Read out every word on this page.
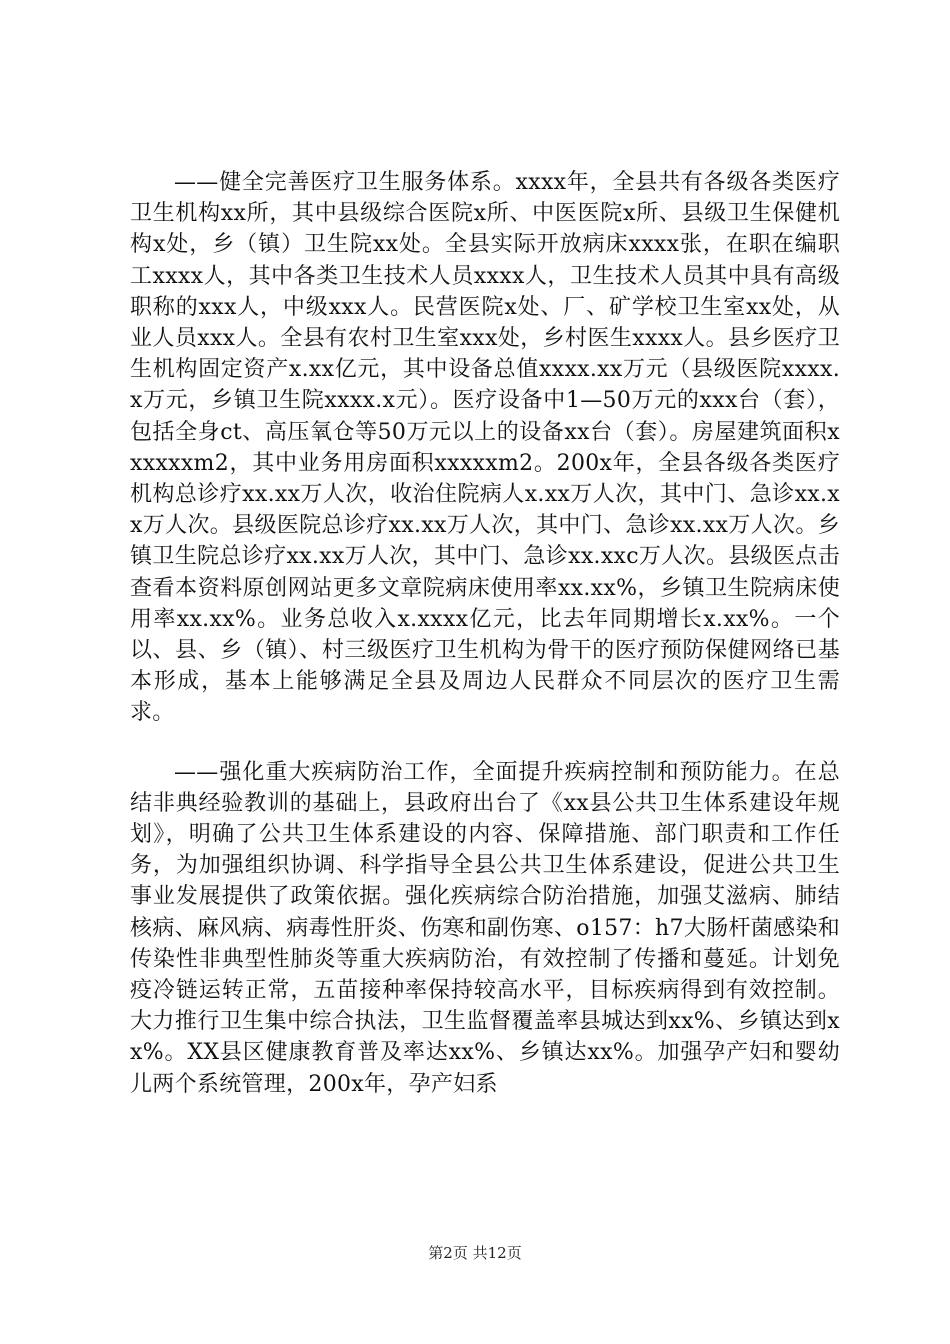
——健全完善医疗卫生服务体系。xxxx年，全县共有各级各类医疗卫生机构xx所，其中县级综合医院x所、中医医院x所、县级卫生保健机构x处，乡（镇）卫生院xx处。全县实际开放病床xxxx张，在职在编职工xxxx人，其中各类卫生技术人员xxxx人，卫生技术人员其中具有高级职称的xxx人，中级xxx人。民营医院x处、厂、矿学校卫生室xx处，从业人员xxx人。全县有农村卫生室xxx处，乡村医生xxxx人。县乡医疗卫生机构固定资产x.xx亿元，其中设备总值xxxx.xx万元（县级医院xxxx.x万元，乡镇卫生院xxxx.x元）。医疗设备中1—50万元的xxx台（套），包括全身ct、高压氧仓等50万元以上的设备xx台（套）。房屋建筑面积xxxxxxm2，其中业务用房面积xxxxxm2。200x年，全县各级各类医疗机构总诊疗xx.xx万人次，收治住院病人x.xx万人次，其中门、急诊xx.xx万人次。县级医院总诊疗xx.xx万人次，其中门、急诊xx.xx万人次。乡镇卫生院总诊疗xx.xx万人次，其中门、急诊xx.xxc万人次。县级医点击查看本资料原创网站更多文章院病床使用率xx.xx%，乡镇卫生院病床使用率xx.xx%。业务总收入x.xxxx亿元，比去年同期增长x.xx%。一个以、县、乡（镇）、村三级医疗卫生机构为骨干的医疗预防保健网络已基本形成，基本上能够满足全县及周边人民群众不同层次的医疗卫生需求。

——强化重大疾病防治工作，全面提升疾病控制和预防能力。在总结非典经验教训的基础上，县政府出台了《xx县公共卫生体系建设年规划》，明确了公共卫生体系建设的内容、保障措施、部门职责和工作任务，为加强组织协调、科学指导全县公共卫生体系建设，促进公共卫生事业发展提供了政策依据。强化疾病综合防治措施，加强艾滋病、肺结核病、麻风病、病毒性肝炎、伤寒和副伤寒、o157：h7大肠杆菌感染和传染性非典型性肺炎等重大疾病防治，有效控制了传播和蔓延。计划免疫冷链运转正常，五苗接种率保持较高水平，目标疾病得到有效控制。大力推行卫生集中综合执法，卫生监督覆盖率县城达到xx%、乡镇达到xx%。XX县区健康教育普及率达xx%、乡镇达xx%。加强孕产妇和婴幼儿两个系统管理，200x年，孕产妇系

第2页 共12页
